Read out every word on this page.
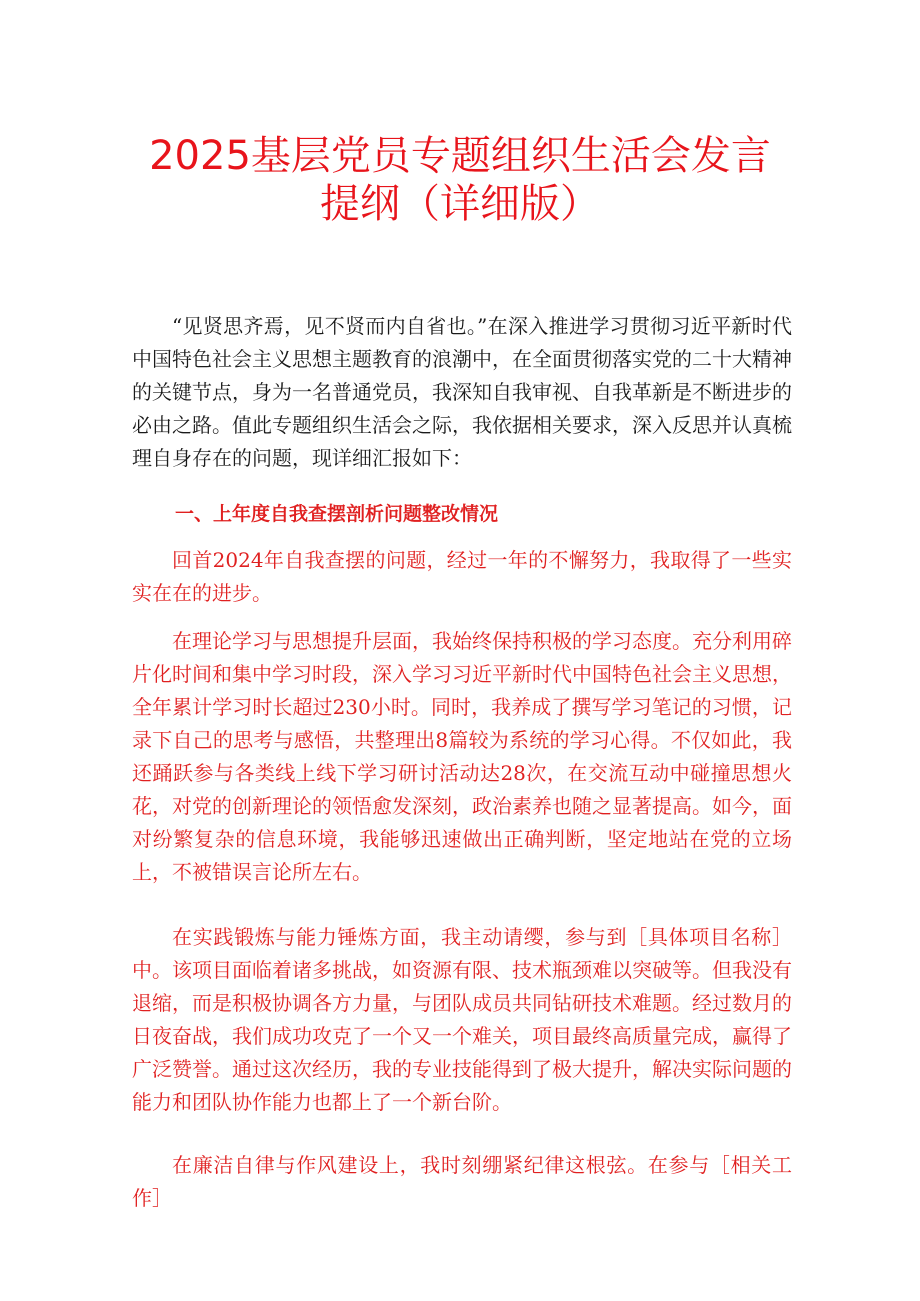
2025基层党员专题组织生活会发言
提纲（详细版）

“见贤思齐焉，见不贤而内自省也。”在深入推进学习贯彻习近平新时代中国特色社会主义思想主题教育的浪潮中，在全面贯彻落实党的二十大精神的关键节点，身为一名普通党员，我深知自我审视、自我革新是不断进步的必由之路。值此专题组织生活会之际，我依据相关要求，深入反思并认真梳理自身存在的问题，现详细汇报如下：

一、上年度自我查摆剖析问题整改情况

回首2024年自我查摆的问题，经过一年的不懈努力，我取得了一些实实在在的进步。

在理论学习与思想提升层面，我始终保持积极的学习态度。充分利用碎片化时间和集中学习时段，深入学习习近平新时代中国特色社会主义思想，全年累计学习时长超过230小时。同时，我养成了撰写学习笔记的习惯，记录下自己的思考与感悟，共整理出8篇较为系统的学习心得。不仅如此，我还踊跃参与各类线上线下学习研讨活动达28次，在交流互动中碰撞思想火花，对党的创新理论的领悟愈发深刻，政治素养也随之显著提高。如今，面对纷繁复杂的信息环境，我能够迅速做出正确判断，坚定地站在党的立场上，不被错误言论所左右。

在实践锻炼与能力锤炼方面，我主动请缨，参与到［具体项目名称］中。该项目面临着诸多挑战，如资源有限、技术瓶颈难以突破等。但我没有退缩，而是积极协调各方力量，与团队成员共同钻研技术难题。经过数月的日夜奋战，我们成功攻克了一个又一个难关，项目最终高质量完成，赢得了广泛赞誉。通过这次经历，我的专业技能得到了极大提升，解决实际问题的能力和团队协作能力也都上了一个新台阶。

在廉洁自律与作风建设上，我时刻绷紧纪律这根弦。在参与［相关工作］
